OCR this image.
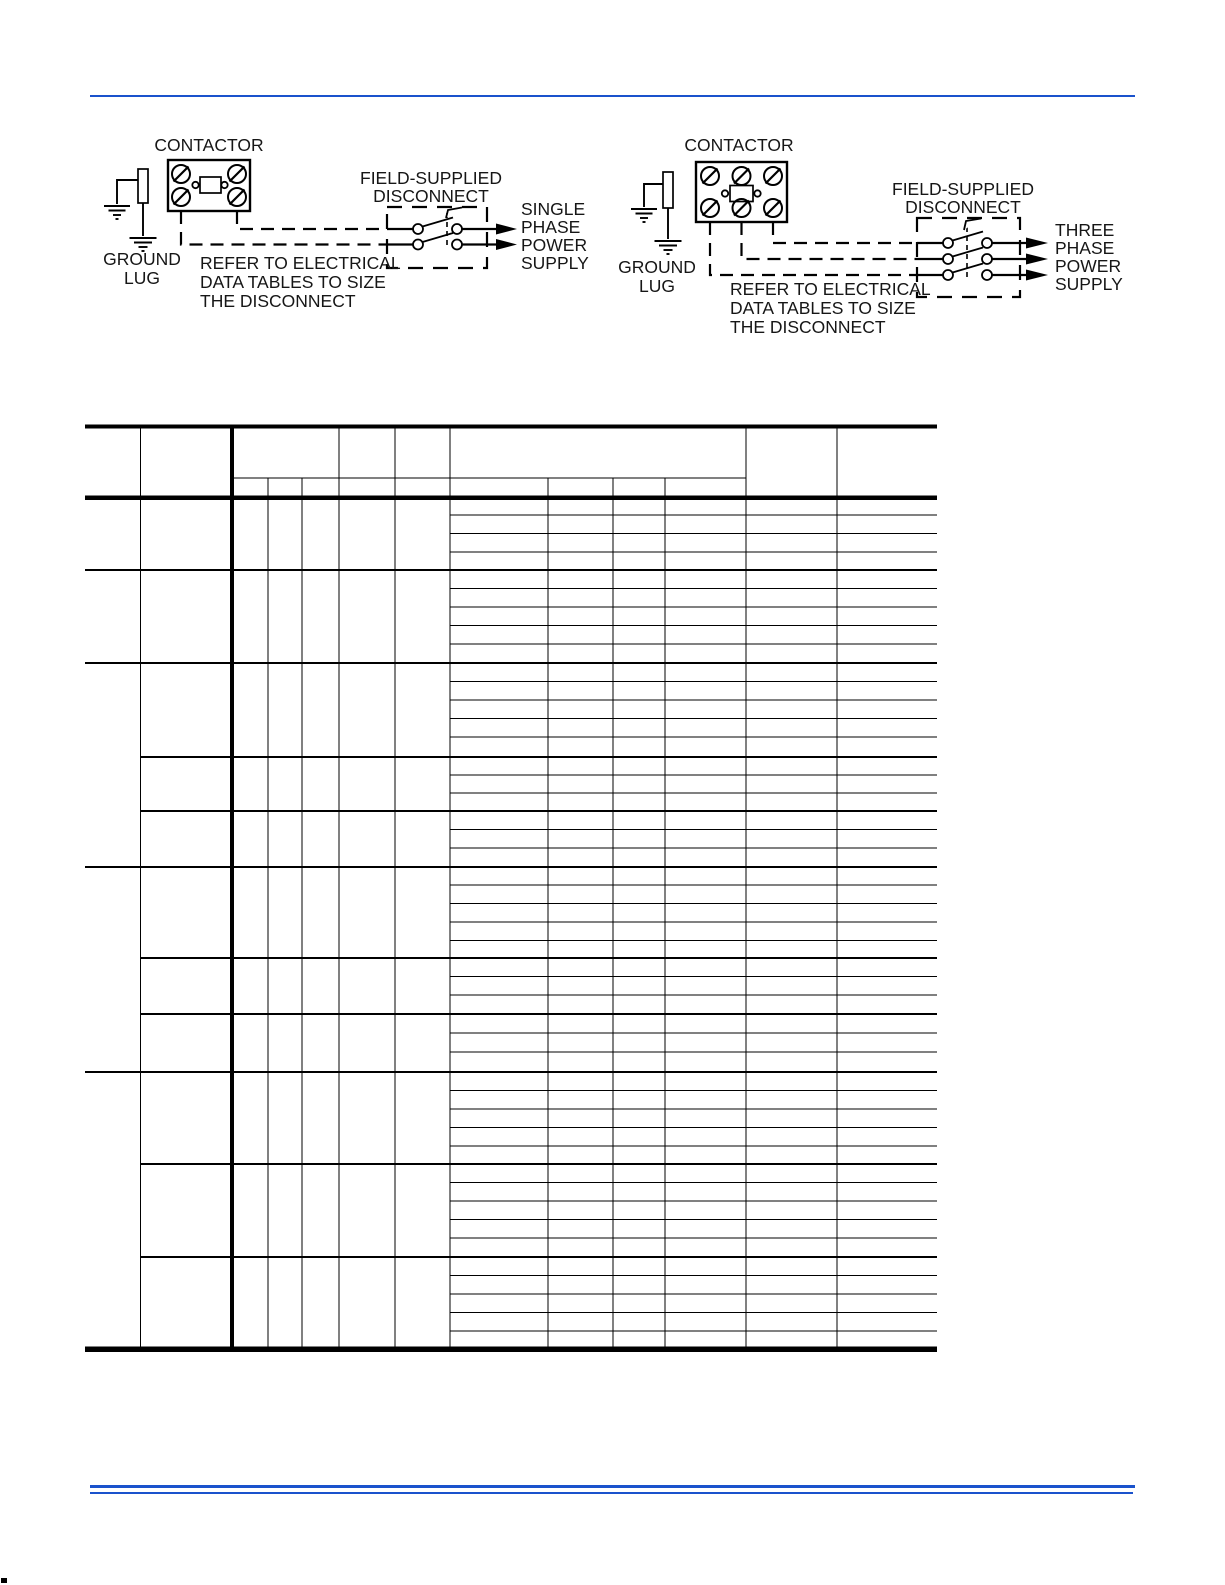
CONTACTOR
GROUND
LUG
FIELD-SUPPLIED
DISCONNECT
SINGLE
PHASE
POWER
SUPPLY
REFER TO ELECTRICAL
DATA TABLES TO SIZE
THE DISCONNECT
CONTACTOR
GROUND
LUG
FIELD-SUPPLIED
DISCONNECT
THREE
PHASE
POWER
SUPPLY
REFER TO ELECTRICAL
DATA TABLES TO SIZE
THE DISCONNECT
